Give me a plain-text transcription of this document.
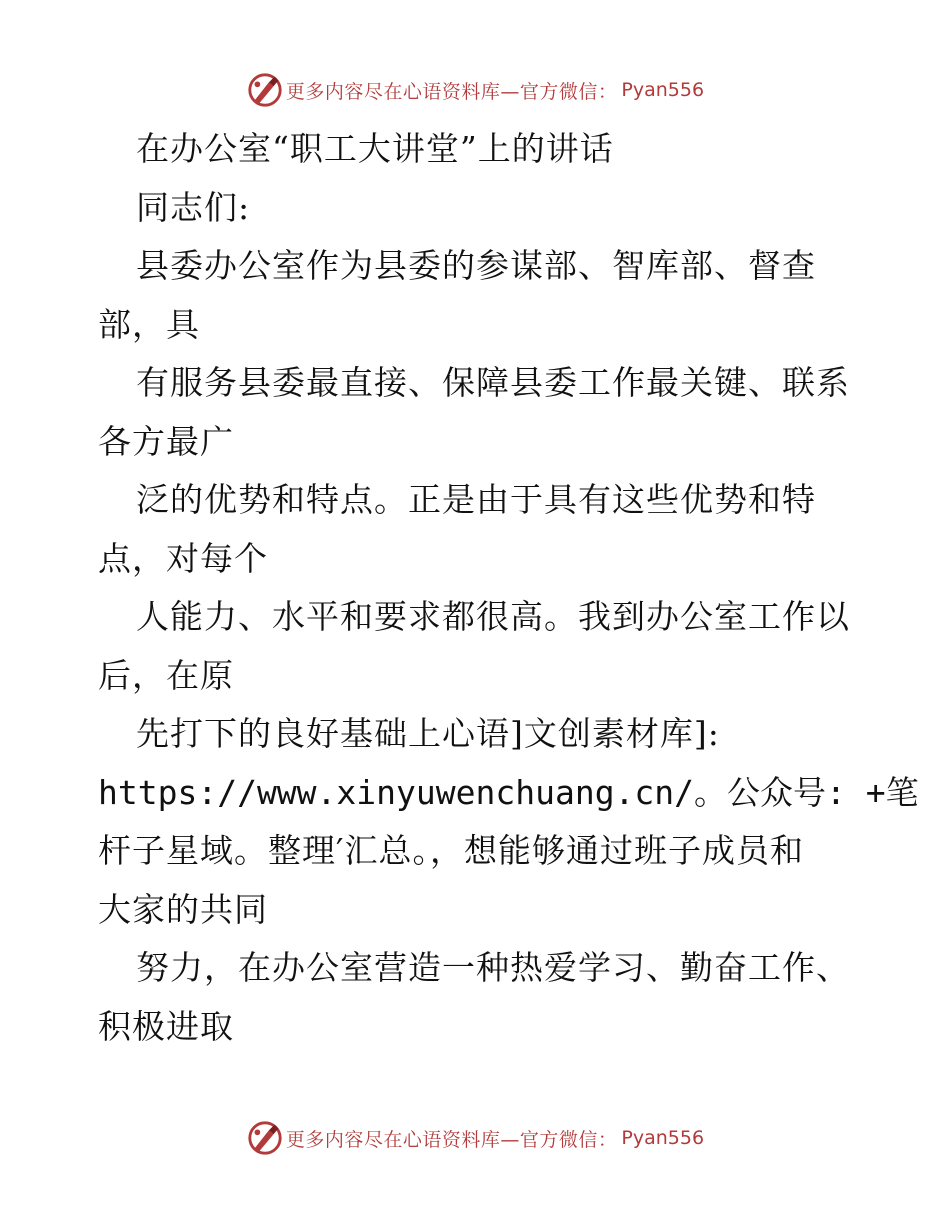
更多内容尽在心语资料库—官方微信： Pyan556
在办公室“职工大讲堂”上的讲话
同志们:
县委办公室作为县委的参谋部、智库部、督查
部，具
有服务县委最直接、保障县委工作最关键、联系
各方最广
泛的优势和特点。正是由于具有这些优势和特
点，对每个
人能力、水平和要求都很高。我到办公室工作以
后，在原
先打下的良好基础上心语]文创素材库]:
https://www.xinyuwenchuang.cn/。公众号: +笔
杆子星域。整理′汇总。，想能够通过班子成员和
大家的共同
努力，在办公室营造一种热爱学习、勤奋工作、
积极进取
更多内容尽在心语资料库—官方微信： Pyan556
